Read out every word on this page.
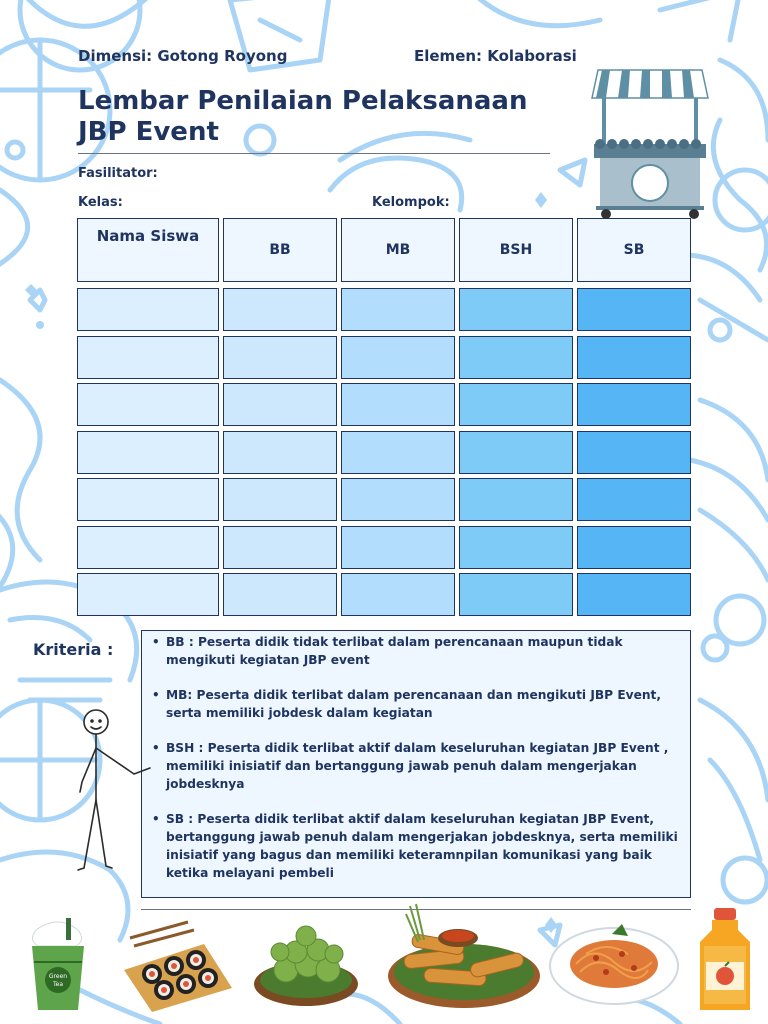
Dimensi: Gotong Royong	Elemen: Kolaborasi
Lembar Penilaian Pelaksanaan JBP Event
Fasilitator:
Kelas:	Kelompok:
Nama Siswa
BB	MB	BSH	SB
Kriteria :
•	BB : Peserta didik tidak terlibat dalam perencanaan maupun tidak mengikuti kegiatan JBP event
• MB: Peserta didik terlibat dalam perencanaan dan mengikuti JBP Event, serta memiliki jobdesk dalam kegiatan
• BSH : Peserta didik terlibat aktif dalam keseluruhan kegiatan JBP Event , memiliki inisiatif dan bertanggung jawab penuh dalam mengerjakan jobdesknya
• SB : Peserta didik terlibat aktif dalam keseluruhan kegiatan JBP Event, bertanggung jawab penuh dalam mengerjakan jobdesknya, serta memiliki inisiatif yang bagus dan memiliki keteramnpilan komunikasi yang baik ketika melayani pembeli
Green
Tea
